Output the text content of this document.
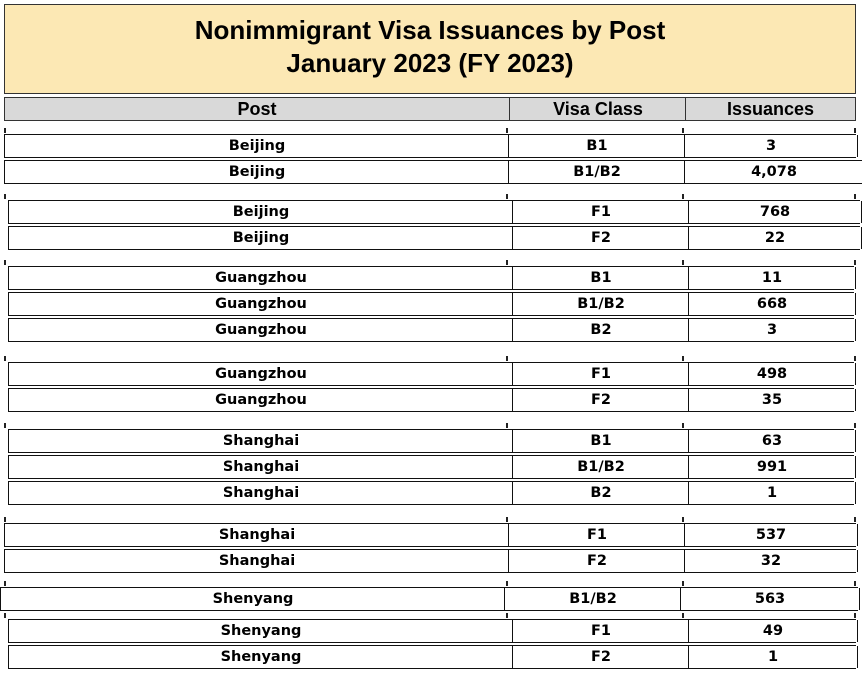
Nonimmigrant Visa Issuances by Post
January 2023 (FY 2023)
Post	Visa Class	Issuances
Beijing	B1	3
Beijing	B1/B2	4,078
Beijing	F1	768
Beijing	F2	22
Guangzhou	B1	11
Guangzhou	B1/B2	668
Guangzhou	B2	3
Guangzhou	F1	498
Guangzhou	F2	35
Shanghai	B1	63
Shanghai	B1/B2	991
Shanghai	B2	1
Shanghai	F1	537
Shanghai	F2	32
Shenyang	B1/B2	563
Shenyang	F1	49
Shenyang	F2	1
